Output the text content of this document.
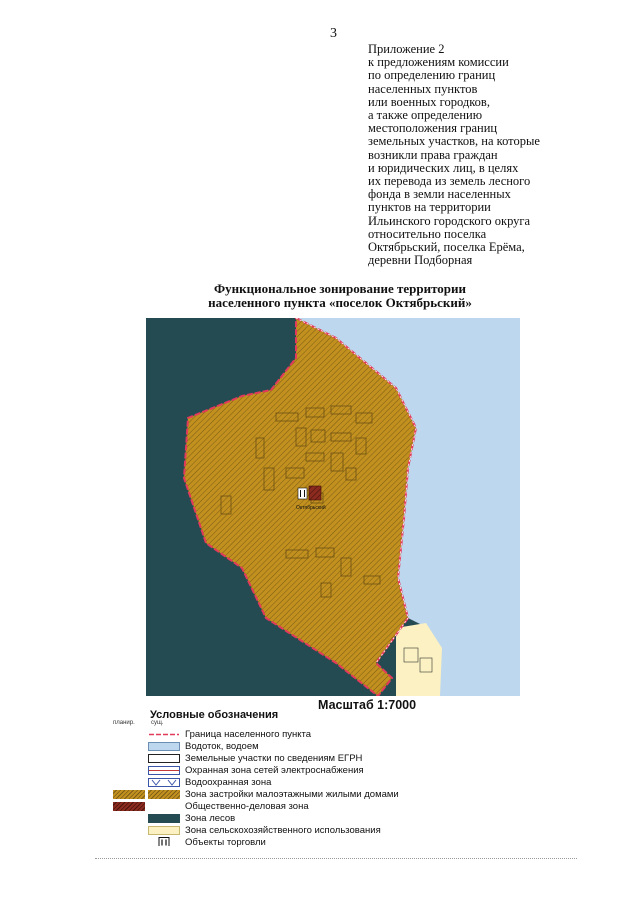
3
Приложение 2
к предложениям комиссии
по определению границ
населенных пунктов
или военных городков,
а также определению
местоположения границ
земельных участков, на которые
возникли права граждан
и юридических лиц, в целях
их перевода из земель лесного
фонда в земли населенных
пунктов на территории
Ильинского городского округа
относительно поселка
Октябрьский, поселка Ерёма,
деревни Подборная
Функциональное зонирование территории
населенного пункта «поселок Октябрьский»
Октябрьский
Масштаб 1:7000
Условные обозначения
планир.	сущ.
Граница населенного пункта
Водоток, водоем
Земельные участки по сведениям ЕГРН
Охранная зона сетей электроснабжения
Водоохранная зона
Зона застройки малоэтажными жилыми домами
Общественно-деловая зона
Зона лесов
Зона сельскохозяйственного использования
Объекты торговли
